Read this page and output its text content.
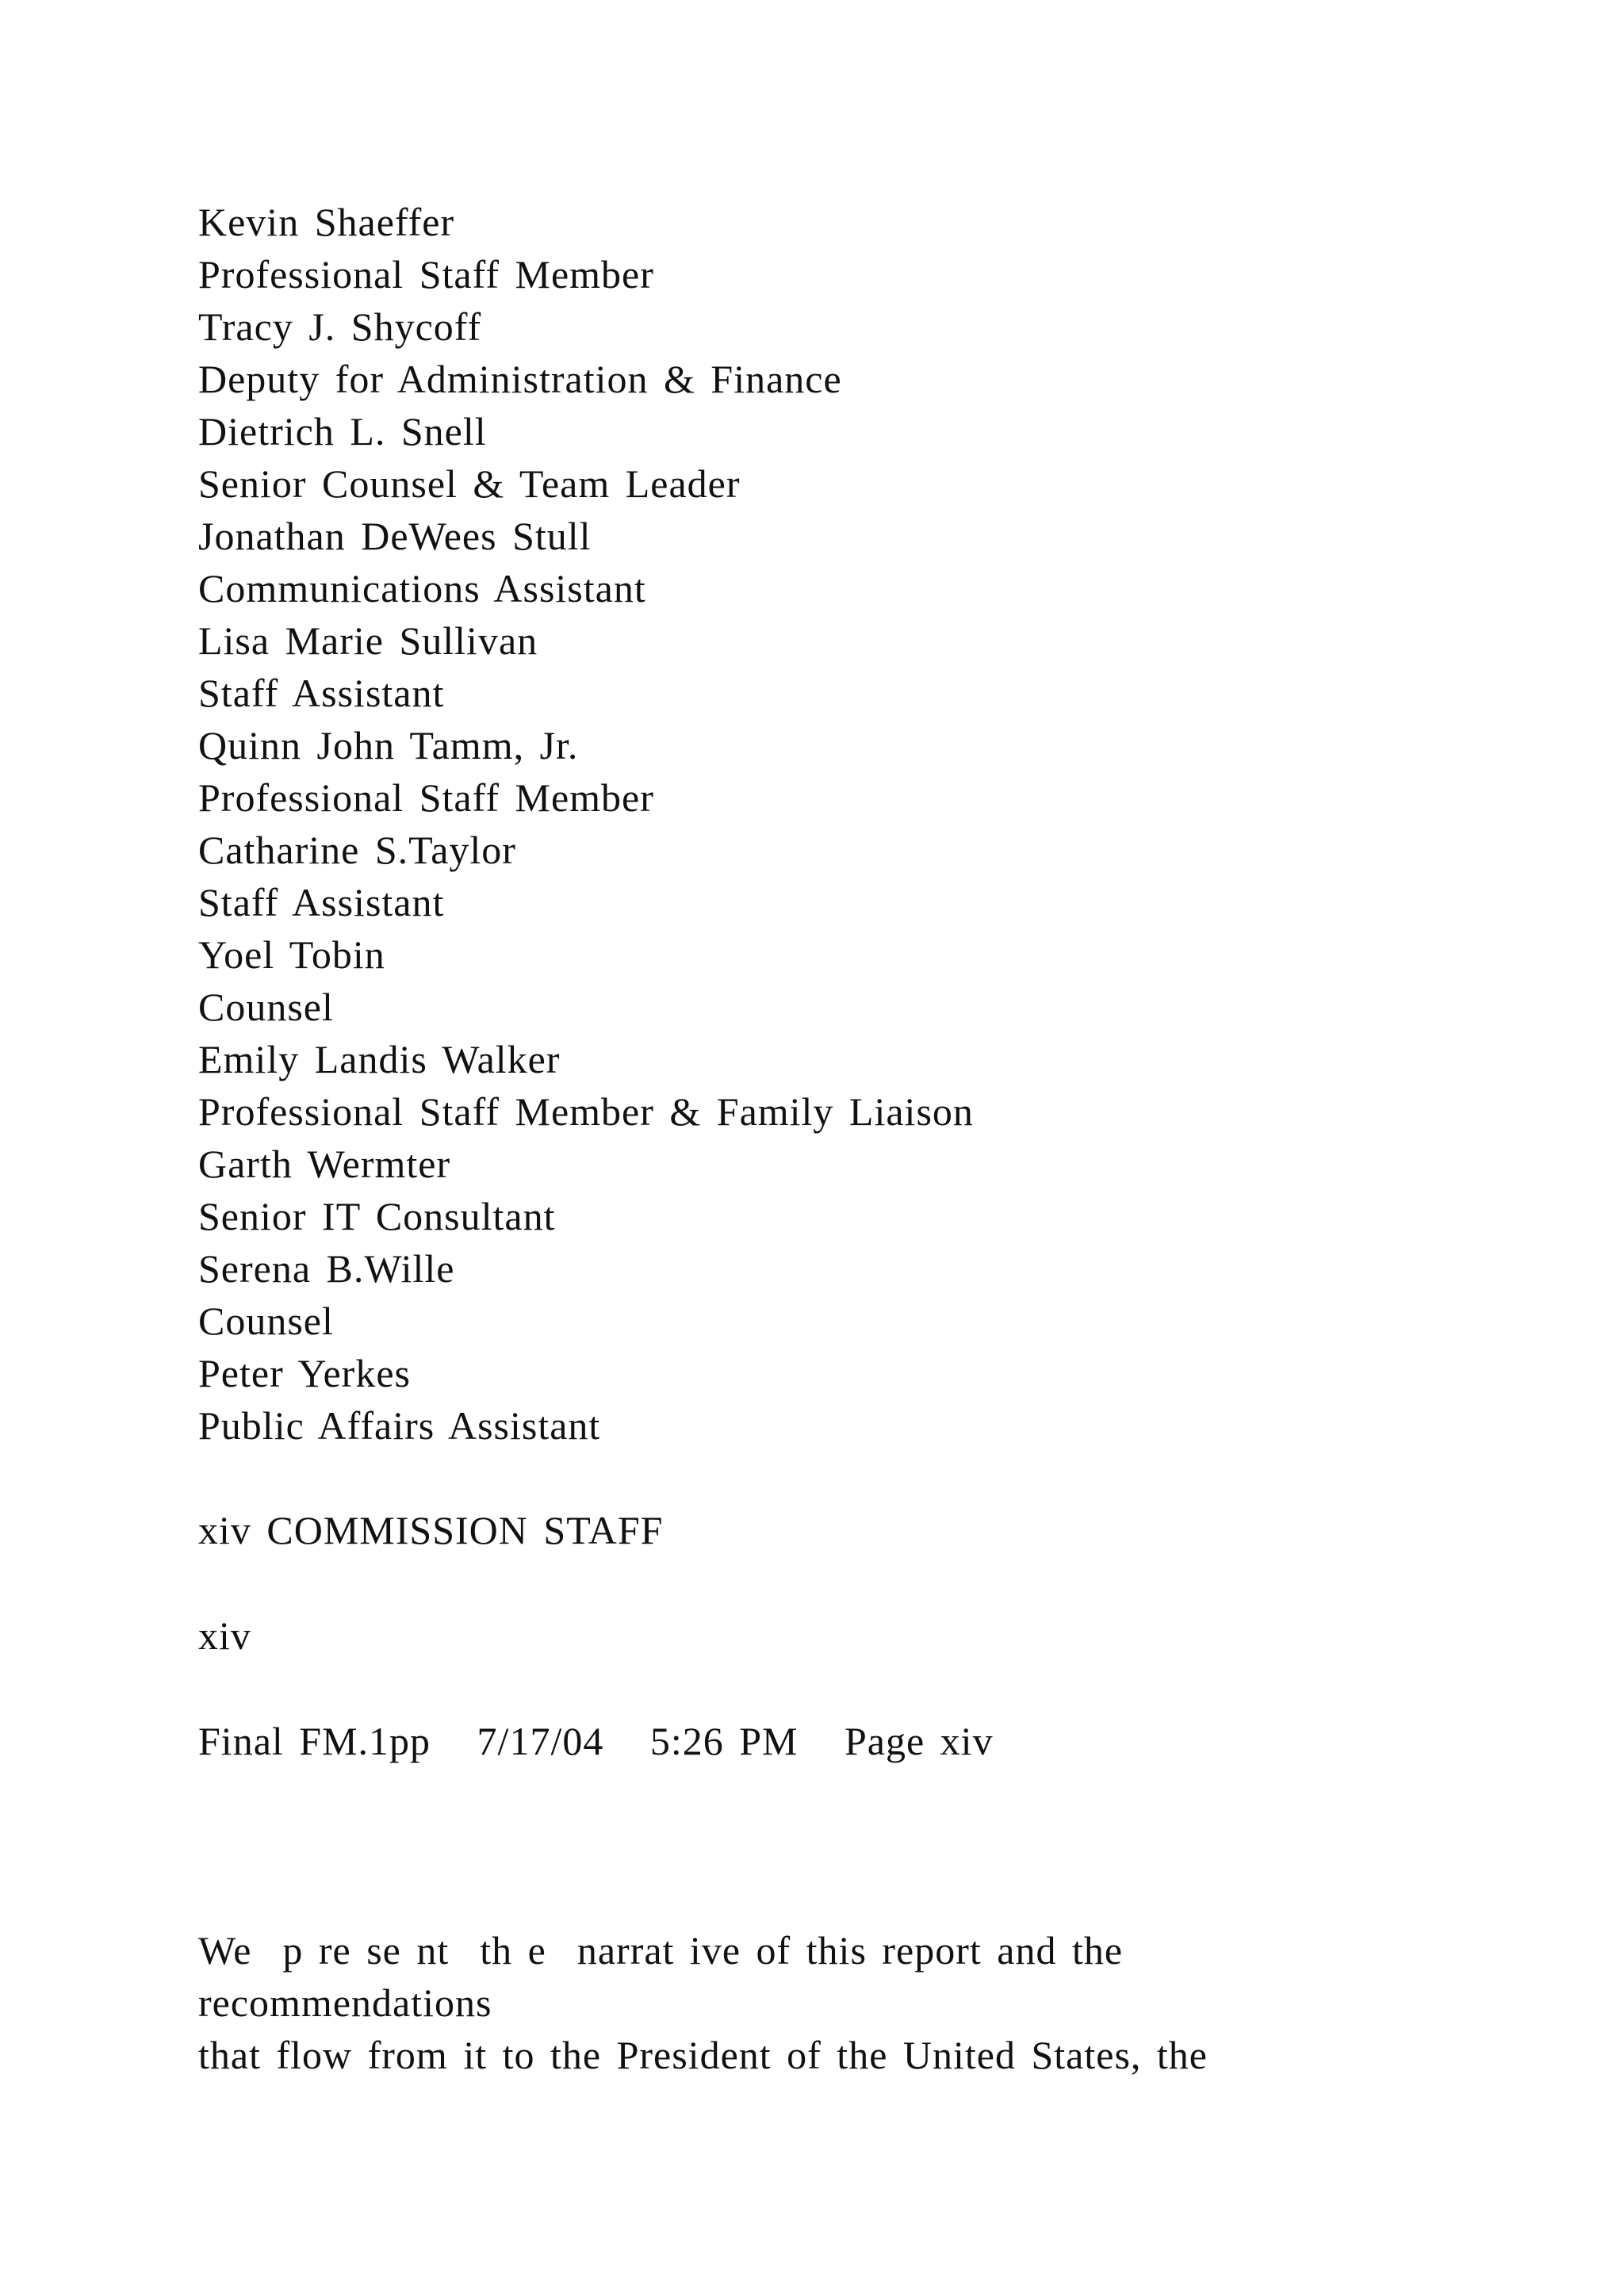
Kevin Shaeffer
Professional Staff Member
Tracy J. Shycoff
Deputy for Administration & Finance
Dietrich L. Snell
Senior Counsel & Team Leader
Jonathan DeWees Stull
Communications Assistant
Lisa Marie Sullivan
Staff Assistant
Quinn John Tamm, Jr.
Professional Staff Member
Catharine S.Taylor
Staff Assistant
Yoel Tobin
Counsel
Emily Landis Walker
Professional Staff Member & Family Liaison
Garth Wermter
Senior IT Consultant
Serena B.Wille
Counsel
Peter Yerkes
Public Affairs Assistant
xiv COMMISSION STAFF
xiv
Final FM.1pp   7/17/04   5:26 PM   Page xiv
We  p re se nt  th e  narrat ive of this report and the
recommendations
that flow from it to the President of the United States, the
